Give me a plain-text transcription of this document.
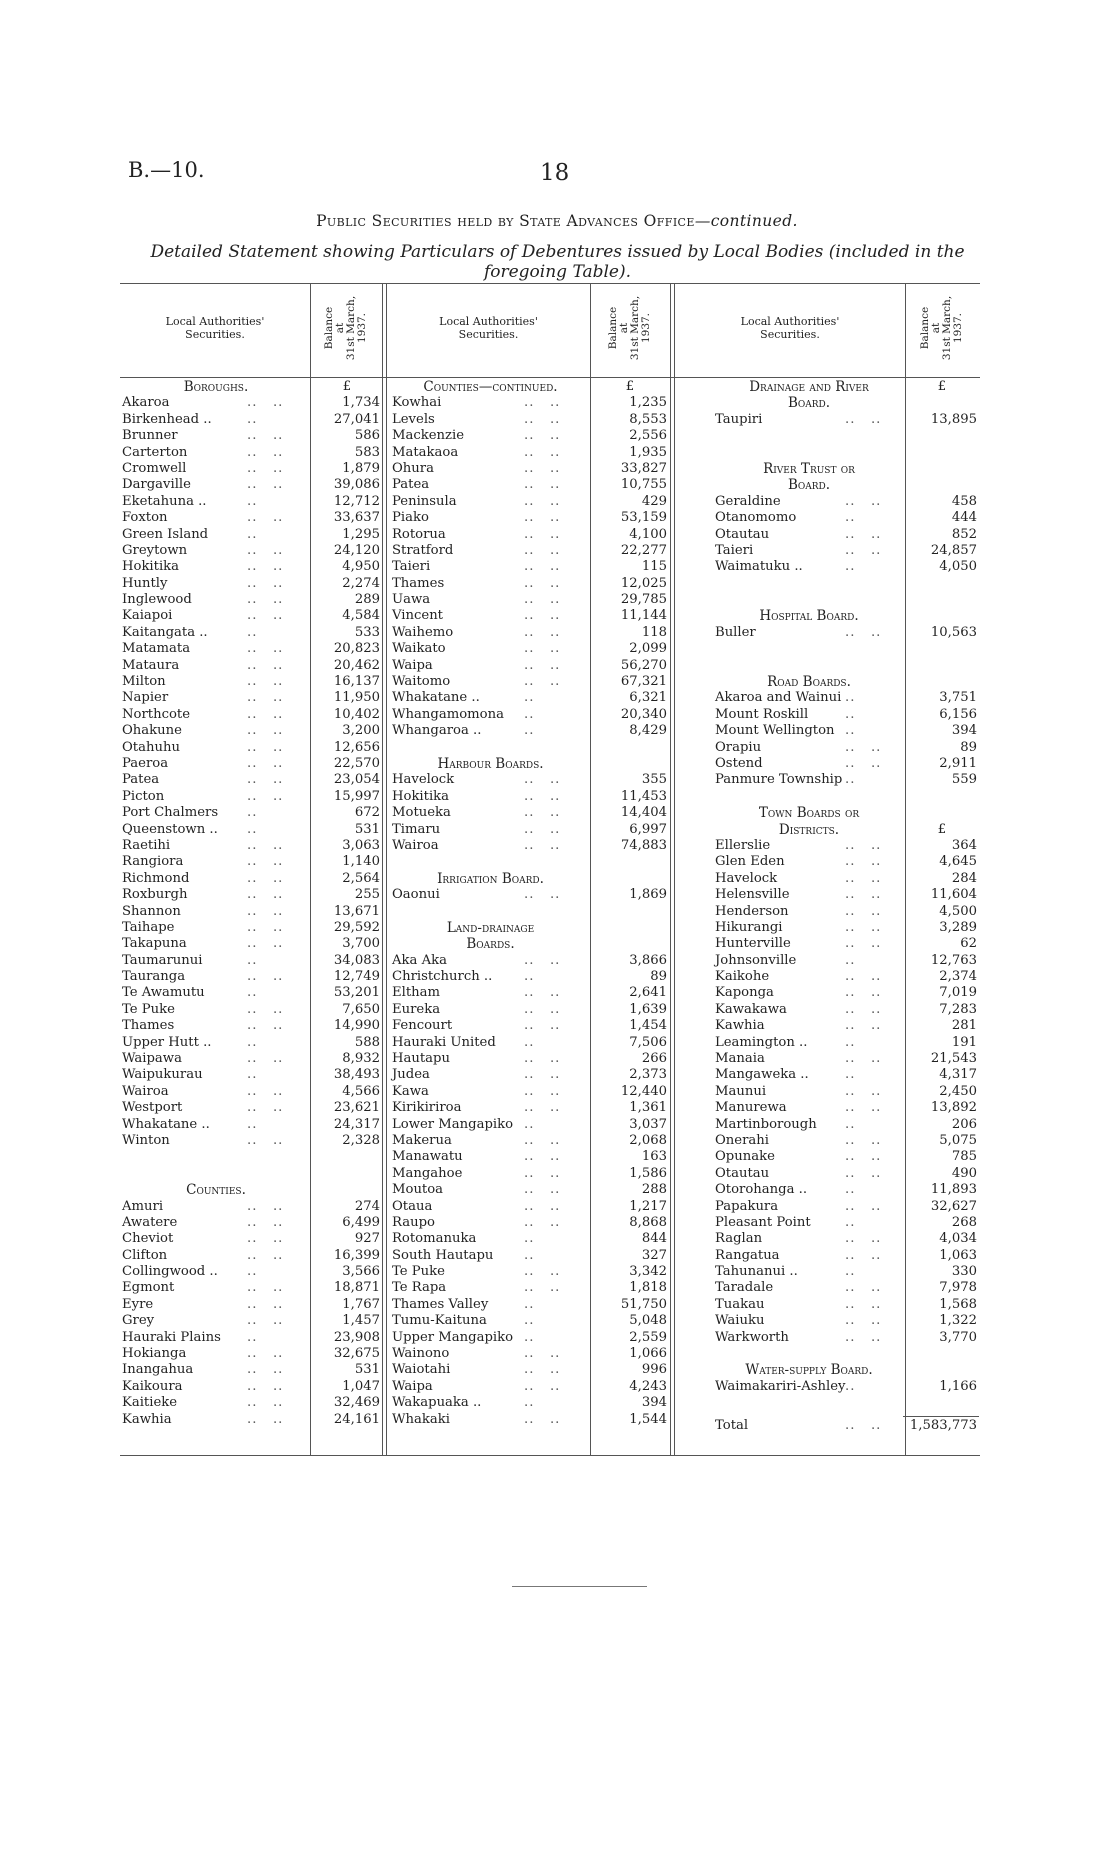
B.—10.	18
Public Securities held by State Advances Office—continued.
Detailed Statement showing Particulars of Debentures issued by Local Bodies (included in the foregoing Table).
Local Authorities' Securities.	Balance at 31st March, 1937.	Local Authorities' Securities.	Balance at 31st March, 1937.	Local Authorities' Securities.	Balance at 31st March, 1937.
Boroughs.	£
Akaroa	..   ..	1,734
Birkenhead ..	..	27,041
Brunner	..   ..	586
Carterton	..   ..	583
Cromwell	..   ..	1,879
Dargaville	..   ..	39,086
Eketahuna ..	..	12,712
Foxton	..   ..	33,637
Green Island	..	1,295
Greytown	..   ..	24,120
Hokitika	..   ..	4,950
Huntly	..   ..	2,274
Inglewood	..   ..	289
Kaiapoi	..   ..	4,584
Kaitangata ..	..	533
Matamata	..   ..	20,823
Mataura	..   ..	20,462
Milton	..   ..	16,137
Napier	..   ..	11,950
Northcote	..   ..	10,402
Ohakune	..   ..	3,200
Otahuhu	..   ..	12,656
Paeroa	..   ..	22,570
Patea	..   ..	23,054
Picton	..   ..	15,997
Port Chalmers ..	672
Queenstown .. ..	531
Raetihi	..   ..	3,063
Rangiora	..   ..	1,140
Richmond	..   ..	2,564
Roxburgh	..   ..	255
Shannon	..   ..	13,671
Taihape	..   ..	29,592
Takapuna	..   ..	3,700
Taumarunui	..	34,083
Tauranga	..   ..	12,749
Te Awamutu	..	53,201
Te Puke	..   ..	7,650
Thames	..   ..	14,990
Upper Hutt ..	..	588
Waipawa	..   ..	8,932
Waipukurau	..	38,493
Wairoa	..   ..	4,566
Westport	..   ..	23,621
Whakatane ..	..	24,317
Winton	..   ..	2,328
Counties.
Amuri	..   ..	274
Awatere	..   ..	6,499
Cheviot	..   ..	927
Clifton	..   ..	16,399
Collingwood .. ..	3,566
Egmont	..   ..	18,871
Eyre	..   ..	1,767
Grey	..   ..	1,457
Hauraki Plains ..	23,908
Hokianga	..   ..	32,675
Inangahua	..   ..	531
Kaikoura	..   ..	1,047
Kaitieke	..   ..	32,469
Kawhia	..   ..	24,161
Counties—continued.	£
Kowhai	..   ..	1,235
Levels	..   ..	8,553
Mackenzie	..   ..	2,556
Matakaoa	..   ..	1,935
Ohura	..   ..	33,827
Patea	..   ..	10,755
Peninsula	..   ..	429
Piako	..   ..	53,159
Rotorua	..   ..	4,100
Stratford	..   ..	22,277
Taieri	..   ..	115
Thames	..   ..	12,025
Uawa	..   ..	29,785
Vincent	..   ..	11,144
Waihemo	..   ..	118
Waikato	..   ..	2,099
Waipa	..   ..	56,270
Waitomo	..   ..	67,321
Whakatane ..	..	6,321
Whangamomona ..	20,340
Whangaroa ..	..	8,429
Harbour Boards.
Havelock	..   ..	355
Hokitika	..   ..	11,453
Motueka	..   ..	14,404
Timaru	..   ..	6,997
Wairoa	..   ..	74,883
Irrigation Board.
Oaonui	..   ..	1,869
Land-drainage
Boards.
Aka Aka	..   ..	3,866
Christchurch .. ..	89
Eltham	..   ..	2,641
Eureka	..   ..	1,639
Fencourt	..   ..	1,454
Hauraki United ..	7,506
Hautapu	..   ..	266
Judea	..   ..	2,373
Kawa	..   ..	12,440
Kirikiriroa	..   ..	1,361
Lower Mangapiko ..	3,037
Makerua	..   ..	2,068
Manawatu	..   ..	163
Mangahoe	..   ..	1,586
Moutoa	..   ..	288
Otaua	..   ..	1,217
Raupo	..   ..	8,868
Rotomanuka	..	844
South Hautapu ..	327
Te Puke	..   ..	3,342
Te Rapa	..   ..	1,818
Thames Valley	..	51,750
Tumu-Kaituna	..	5,048
Upper Mangapiko ..	2,559
Wainono	..   ..	1,066
Waiotahi	..   ..	996
Waipa	..   ..	4,243
Wakapuaka ..	..	394
Whakaki	..   ..	1,544
Drainage and River	£
Board.
Taupiri	..   ..	13,895
River Trust or
Board.
Geraldine	..   ..	458
Otanomomo	..	444
Otautau	..   ..	852
Taieri	..   ..	24,857
Waimatuku ..	..	4,050
Hospital Board.
Buller	..   ..	10,563
Road Boards.
Akaroa and Wainui ..	3,751
Mount Roskill	..	6,156
Mount Wellington ..	394
Orapiu	..   ..	89
Ostend	..   ..	2,911
Panmure Township ..	559
Town Boards or
Districts.	£
Ellerslie	..   ..	364
Glen Eden	..   ..	4,645
Havelock	..   ..	284
Helensville	..   ..	11,604
Henderson	..   ..	4,500
Hikurangi	..   ..	3,289
Hunterville	..   ..	62
Johnsonville	..	12,763
Kaikohe	..   ..	2,374
Kaponga	..   ..	7,019
Kawakawa	..   ..	7,283
Kawhia	..   ..	281
Leamington ..	..	191
Manaia	..   ..	21,543
Mangaweka ..	..	4,317
Maunui	..   ..	2,450
Manurewa	..   ..	13,892
Martinborough ..	206
Onerahi	..   ..	5,075
Opunake	..   ..	785
Otautau	..   ..	490
Otorohanga ..	..	11,893
Papakura	..   ..	32,627
Pleasant Point	..	268
Raglan	..   ..	4,034
Rangatua	..   ..	1,063
Tahunanui ..	..	330
Taradale	..   ..	7,978
Tuakau	..   ..	1,568
Waiuku	..   ..	1,322
Warkworth	..   ..	3,770
Water-supply Board.
Waimakariri-Ashley ..	1,166
Total	..   .. 1,583,773
